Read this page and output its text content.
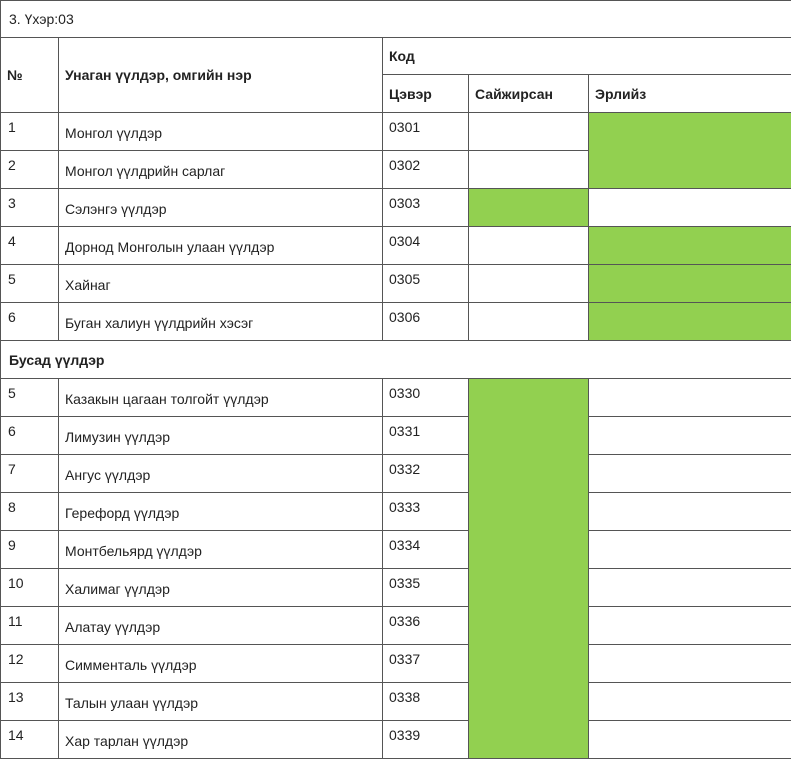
3. Үхэр:03				
№	Унаган үүлдэр, омгийн нэр	Код		
		Цэвэр	Сайжирсан	Эрлийз
1	Монгол үүлдэр	0301		
2	Монгол үүлдрийн сарлаг	0302		
3	Сэлэнгэ үүлдэр	0303		
4	Дорнод Монголын улаан үүлдэр	0304		
5	Хайнаг	0305		
6	Буган халиун үүлдрийн хэсэг	0306		
Бусад үүлдэр				
5	Казакын цагаан толгойт үүлдэр	0330		
6	Лимузин үүлдэр	0331		
7	Ангус үүлдэр	0332		
8	Герефорд үүлдэр	0333		
9	Монтбельярд үүлдэр	0334		
10	Халимаг үүлдэр	0335		
11	Алатау үүлдэр	0336		
12	Симменталь үүлдэр	0337		
13	Талын улаан үүлдэр	0338		
14	Хар тарлан үүлдэр	0339		
